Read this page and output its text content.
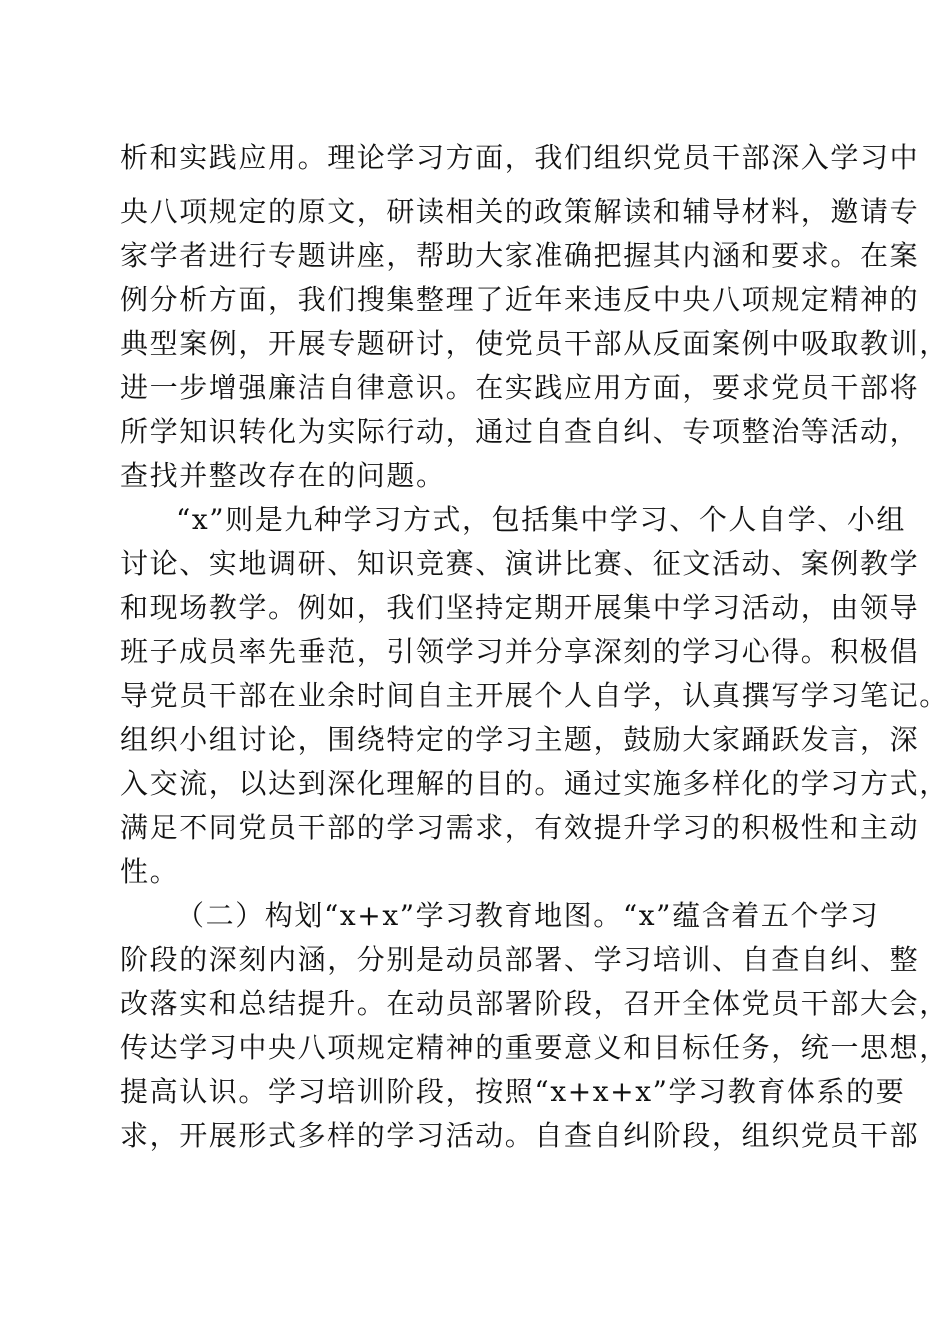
析和实践应用。理论学习方面，我们组织党员干部深入学习中
央八项规定的原文，研读相关的政策解读和辅导材料，邀请专
家学者进行专题讲座，帮助大家准确把握其内涵和要求。在案
例分析方面，我们搜集整理了近年来违反中央八项规定精神的
典型案例，开展专题研讨，使党员干部从反面案例中吸取教训，
进一步增强廉洁自律意识。在实践应用方面，要求党员干部将
所学知识转化为实际行动，通过自查自纠、专项整治等活动，
查找并整改存在的问题。
“x”则是九种学习方式，包括集中学习、个人自学、小组
讨论、实地调研、知识竞赛、演讲比赛、征文活动、案例教学
和现场教学。例如，我们坚持定期开展集中学习活动，由领导
班子成员率先垂范，引领学习并分享深刻的学习心得。积极倡
导党员干部在业余时间自主开展个人自学，认真撰写学习笔记。
组织小组讨论，围绕特定的学习主题，鼓励大家踊跃发言，深
入交流，以达到深化理解的目的。通过实施多样化的学习方式，
满足不同党员干部的学习需求，有效提升学习的积极性和主动
性。
（二）构划“x+x”学习教育地图。“x”蕴含着五个学习
阶段的深刻内涵，分别是动员部署、学习培训、自查自纠、整
改落实和总结提升。在动员部署阶段，召开全体党员干部大会，
传达学习中央八项规定精神的重要意义和目标任务，统一思想，
提高认识。学习培训阶段，按照“x+x+x”学习教育体系的要
求，开展形式多样的学习活动。自查自纠阶段，组织党员干部
